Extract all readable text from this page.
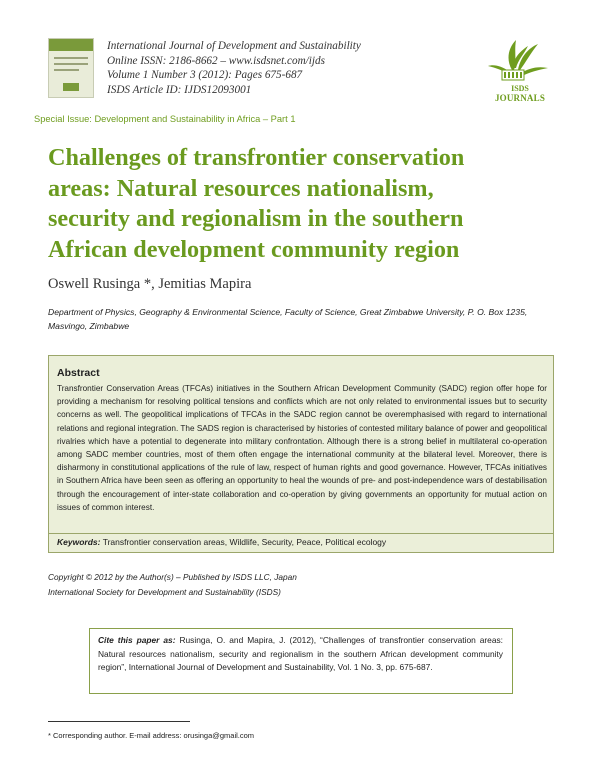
International Journal of Development and Sustainability
Online ISSN: 2186-8662 – www.isdsnet.com/ijds
Volume 1 Number 3 (2012): Pages 675-687
ISDS Article ID: IJDS12093001	ISDS
JOURNALS
Special Issue: Development and Sustainability in Africa – Part 1
Challenges of transfrontier conservation
areas: Natural resources nationalism,
security and regionalism in the southern
African development community region
Oswell Rusinga *, Jemitias Mapira
Department of Physics, Geography & Environmental Science, Faculty of Science, Great Zimbabwe University, P. O. Box 1235,
Masvingo, Zimbabwe
Abstract
Transfrontier Conservation Areas (TFCAs) initiatives in the Southern African Development Community (SADC) region offer hope for providing a mechanism for resolving political tensions and conflicts which are not only related to environmental issues but to security concerns as well. The geopolitical implications of TFCAs in the SADC region cannot be overemphasised with regard to international relations and regional integration. The SADS region is characterised by histories of contested military balance of power and geopolitical rivalries which have a potential to degenerate into military confrontation. Although there is a strong belief in multilateral co-operation among SADC member countries, most of them often engage the international community at the bilateral level. Moreover, there is disharmony in constitutional applications of the rule of law, respect of human rights and good governance. However, TFCAs initiatives in Southern Africa have been seen as offering an opportunity to heal the wounds of pre- and post-independence wars of destabilisation through the encouragement of inter-state collaboration and co-operation by giving governments an opportunity for mutual action on issues of common interest.
Keywords: Transfrontier conservation areas, Wildlife, Security, Peace, Political ecology
Copyright © 2012 by the Author(s) – Published by ISDS LLC, Japan
International Society for Development and Sustainability (ISDS)
Cite this paper as: Rusinga, O. and Mapira, J. (2012), “Challenges of transfrontier conservation areas: Natural resources nationalism, security and regionalism in the southern African development community region”, International Journal of Development and Sustainability, Vol. 1 No. 3, pp. 675-687.
* Corresponding author. E-mail address: orusinga@gmail.com
